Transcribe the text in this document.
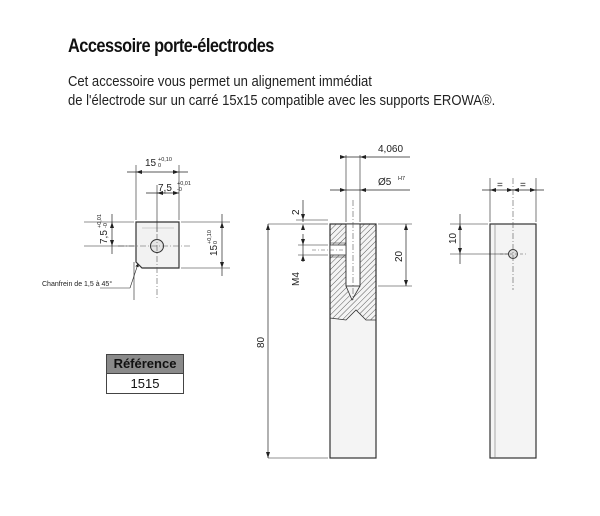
Accessoire porte-électrodes
Cet accessoire vous permet un alignement immédiat
de l'électrode sur un carré 15x15 compatible avec les supports EROWA®.
15 +0,10
0
7,5 +0,01
-0
7,5
+0,01 -0
15
+0,10 0
Chanfrein de 1,5 à 45°
4,060
Ø5 H7
2
M4
20
80
= =
10
Référence
1515
